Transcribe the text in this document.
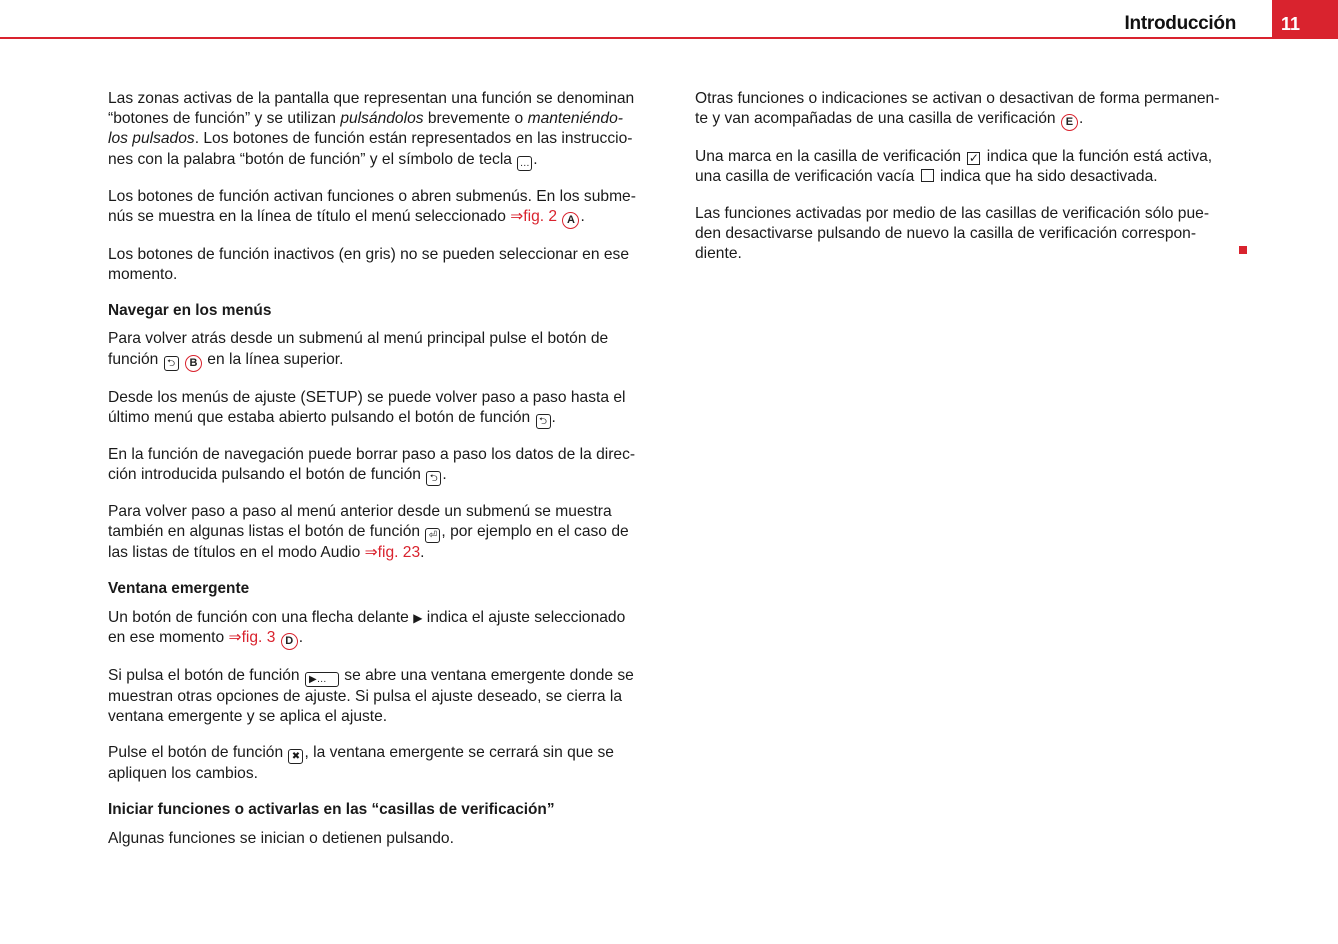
Introducción	11
Las zonas activas de la pantalla que representan una función se denominan
“botones de función” y se utilizan pulsándolos brevemente o manteniéndo-
los pulsados. Los botones de función están representados en las instruccio-
nes con la palabra “botón de función” y el símbolo de tecla … .
Los botones de función activan funciones o abren submenús. En los subme-
nús se muestra en la línea de título el menú seleccionado ⇒fig. 2 A .
Los botones de función inactivos (en gris) no se pueden seleccionar en ese
momento.
Navegar en los menús
Para volver atrás desde un submenú al menú principal pulse el botón de
función ⮌ B en la línea superior.
Desde los menús de ajuste (SETUP) se puede volver paso a paso hasta el
último menú que estaba abierto pulsando el botón de función ⮌ .
En la función de navegación puede borrar paso a paso los datos de la direc-
ción introducida pulsando el botón de función ⮌ .
Para volver paso a paso al menú anterior desde un submenú se muestra
también en algunas listas el botón de función ⏎ , por ejemplo en el caso de
las listas de títulos en el modo Audio ⇒fig. 23.
Ventana emergente
Un botón de función con una flecha delante ▶ indica el ajuste seleccionado
en ese momento ⇒fig. 3 D .
Si pulsa el botón de función ▶… se abre una ventana emergente donde se
muestran otras opciones de ajuste. Si pulsa el ajuste deseado, se cierra la
ventana emergente y se aplica el ajuste.
Pulse el botón de función ✖ , la ventana emergente se cerrará sin que se
apliquen los cambios.
Iniciar funciones o activarlas en las “casillas de verificación”
Algunas funciones se inician o detienen pulsando.
Otras funciones o indicaciones se activan o desactivan de forma permanen-
te y van acompañadas de una casilla de verificación E .
Una marca en la casilla de verificación ✓ indica que la función está activa,
una casilla de verificación vacía  indica que ha sido desactivada.
Las funciones activadas por medio de las casillas de verificación sólo pue-
den desactivarse pulsando de nuevo la casilla de verificación correspon-
diente.
